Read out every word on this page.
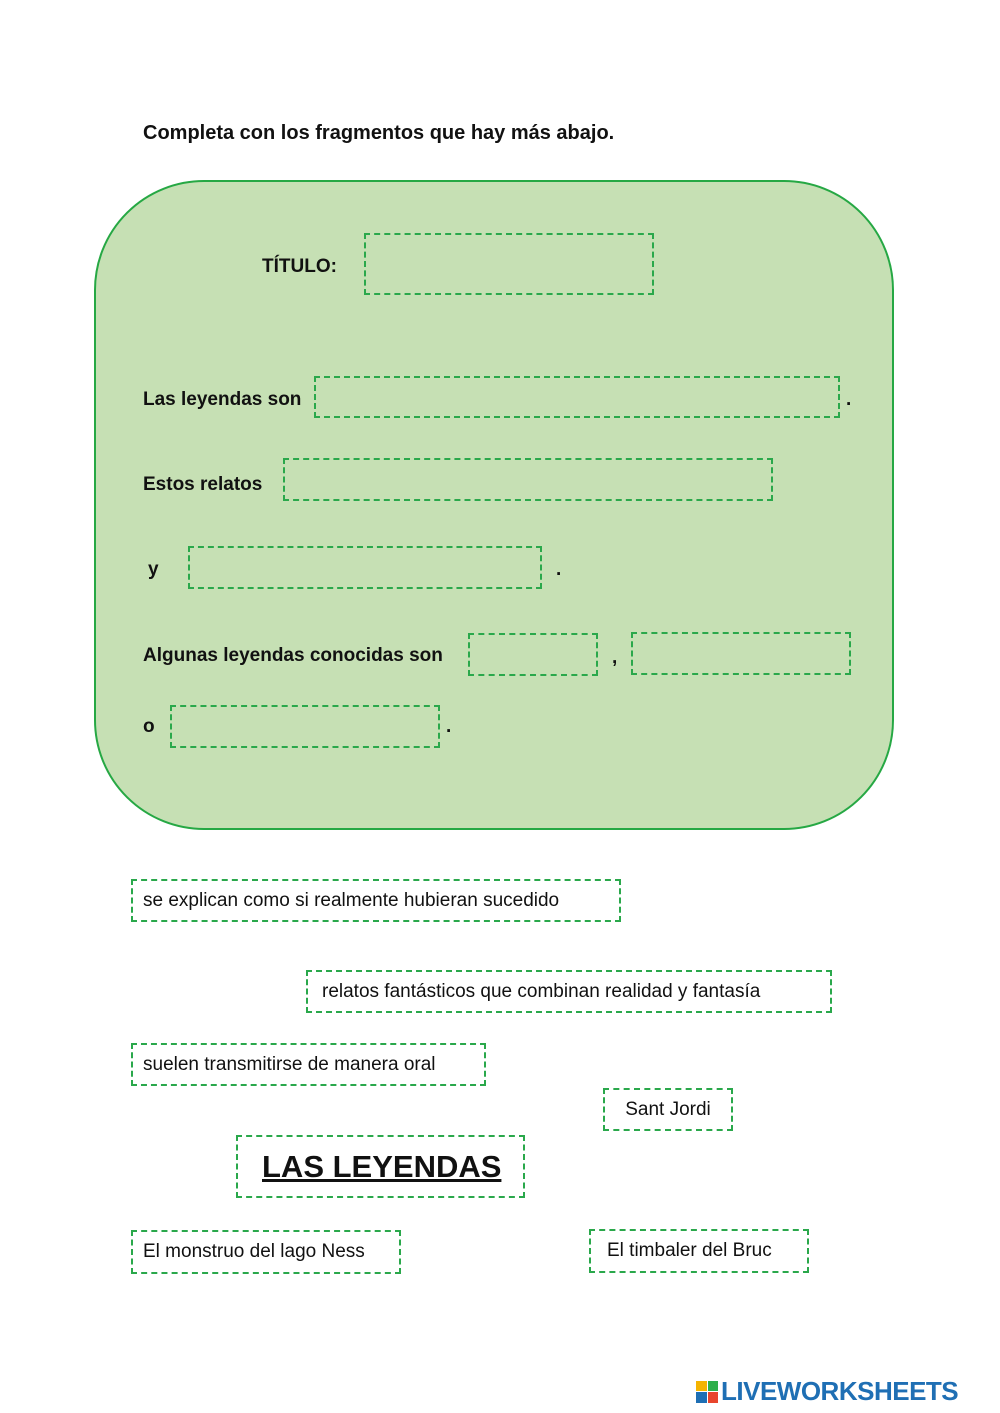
Completa con los fragmentos que hay más abajo.
TÍTULO:
Las leyendas son	.
Estos relatos
y	.
Algunas leyendas conocidas son	,
o	.
se explican como si realmente hubieran sucedido
relatos fantásticos que combinan realidad y fantasía
suelen transmitirse de manera oral
Sant Jordi
LAS LEYENDAS
El monstruo del lago Ness	El timbaler del Bruc
LIVEWORKSHEETS
